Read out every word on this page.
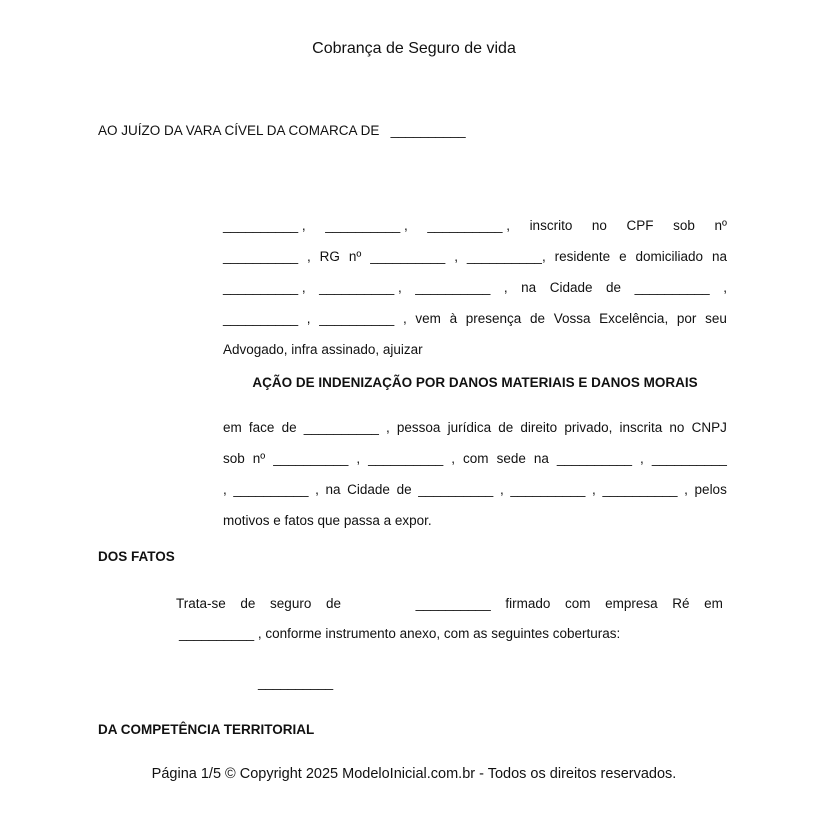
Cobrança de Seguro de vida
AO JUÍZO DA VARA CÍVEL DA COMARCA DE   __________
__________ , __________ , __________ , inscrito no CPF sob nº
__________ , RG nº __________ , __________, residente e domiciliado na
__________ , __________ , __________ , na Cidade de __________ ,
__________ , __________ , vem à presença de Vossa Excelência, por seu
Advogado, infra assinado, ajuizar
AÇÃO DE INDENIZAÇÃO POR DANOS MATERIAIS E DANOS MORAIS
em face de __________ , pessoa jurídica de direito privado, inscrita no CNPJ
sob nº __________ , __________ , com sede na __________ , __________
, __________ , na Cidade de __________ , __________ , __________ , pelos
motivos e fatos que passa a expor.
DOS FATOS
Trata-se de seguro de __________ firmado com empresa Ré em
__________ , conforme instrumento anexo, com as seguintes coberturas:
__________
DA COMPETÊNCIA TERRITORIAL
Página 1/5 © Copyright 2025 ModeloInicial.com.br - Todos os direitos reservados.
